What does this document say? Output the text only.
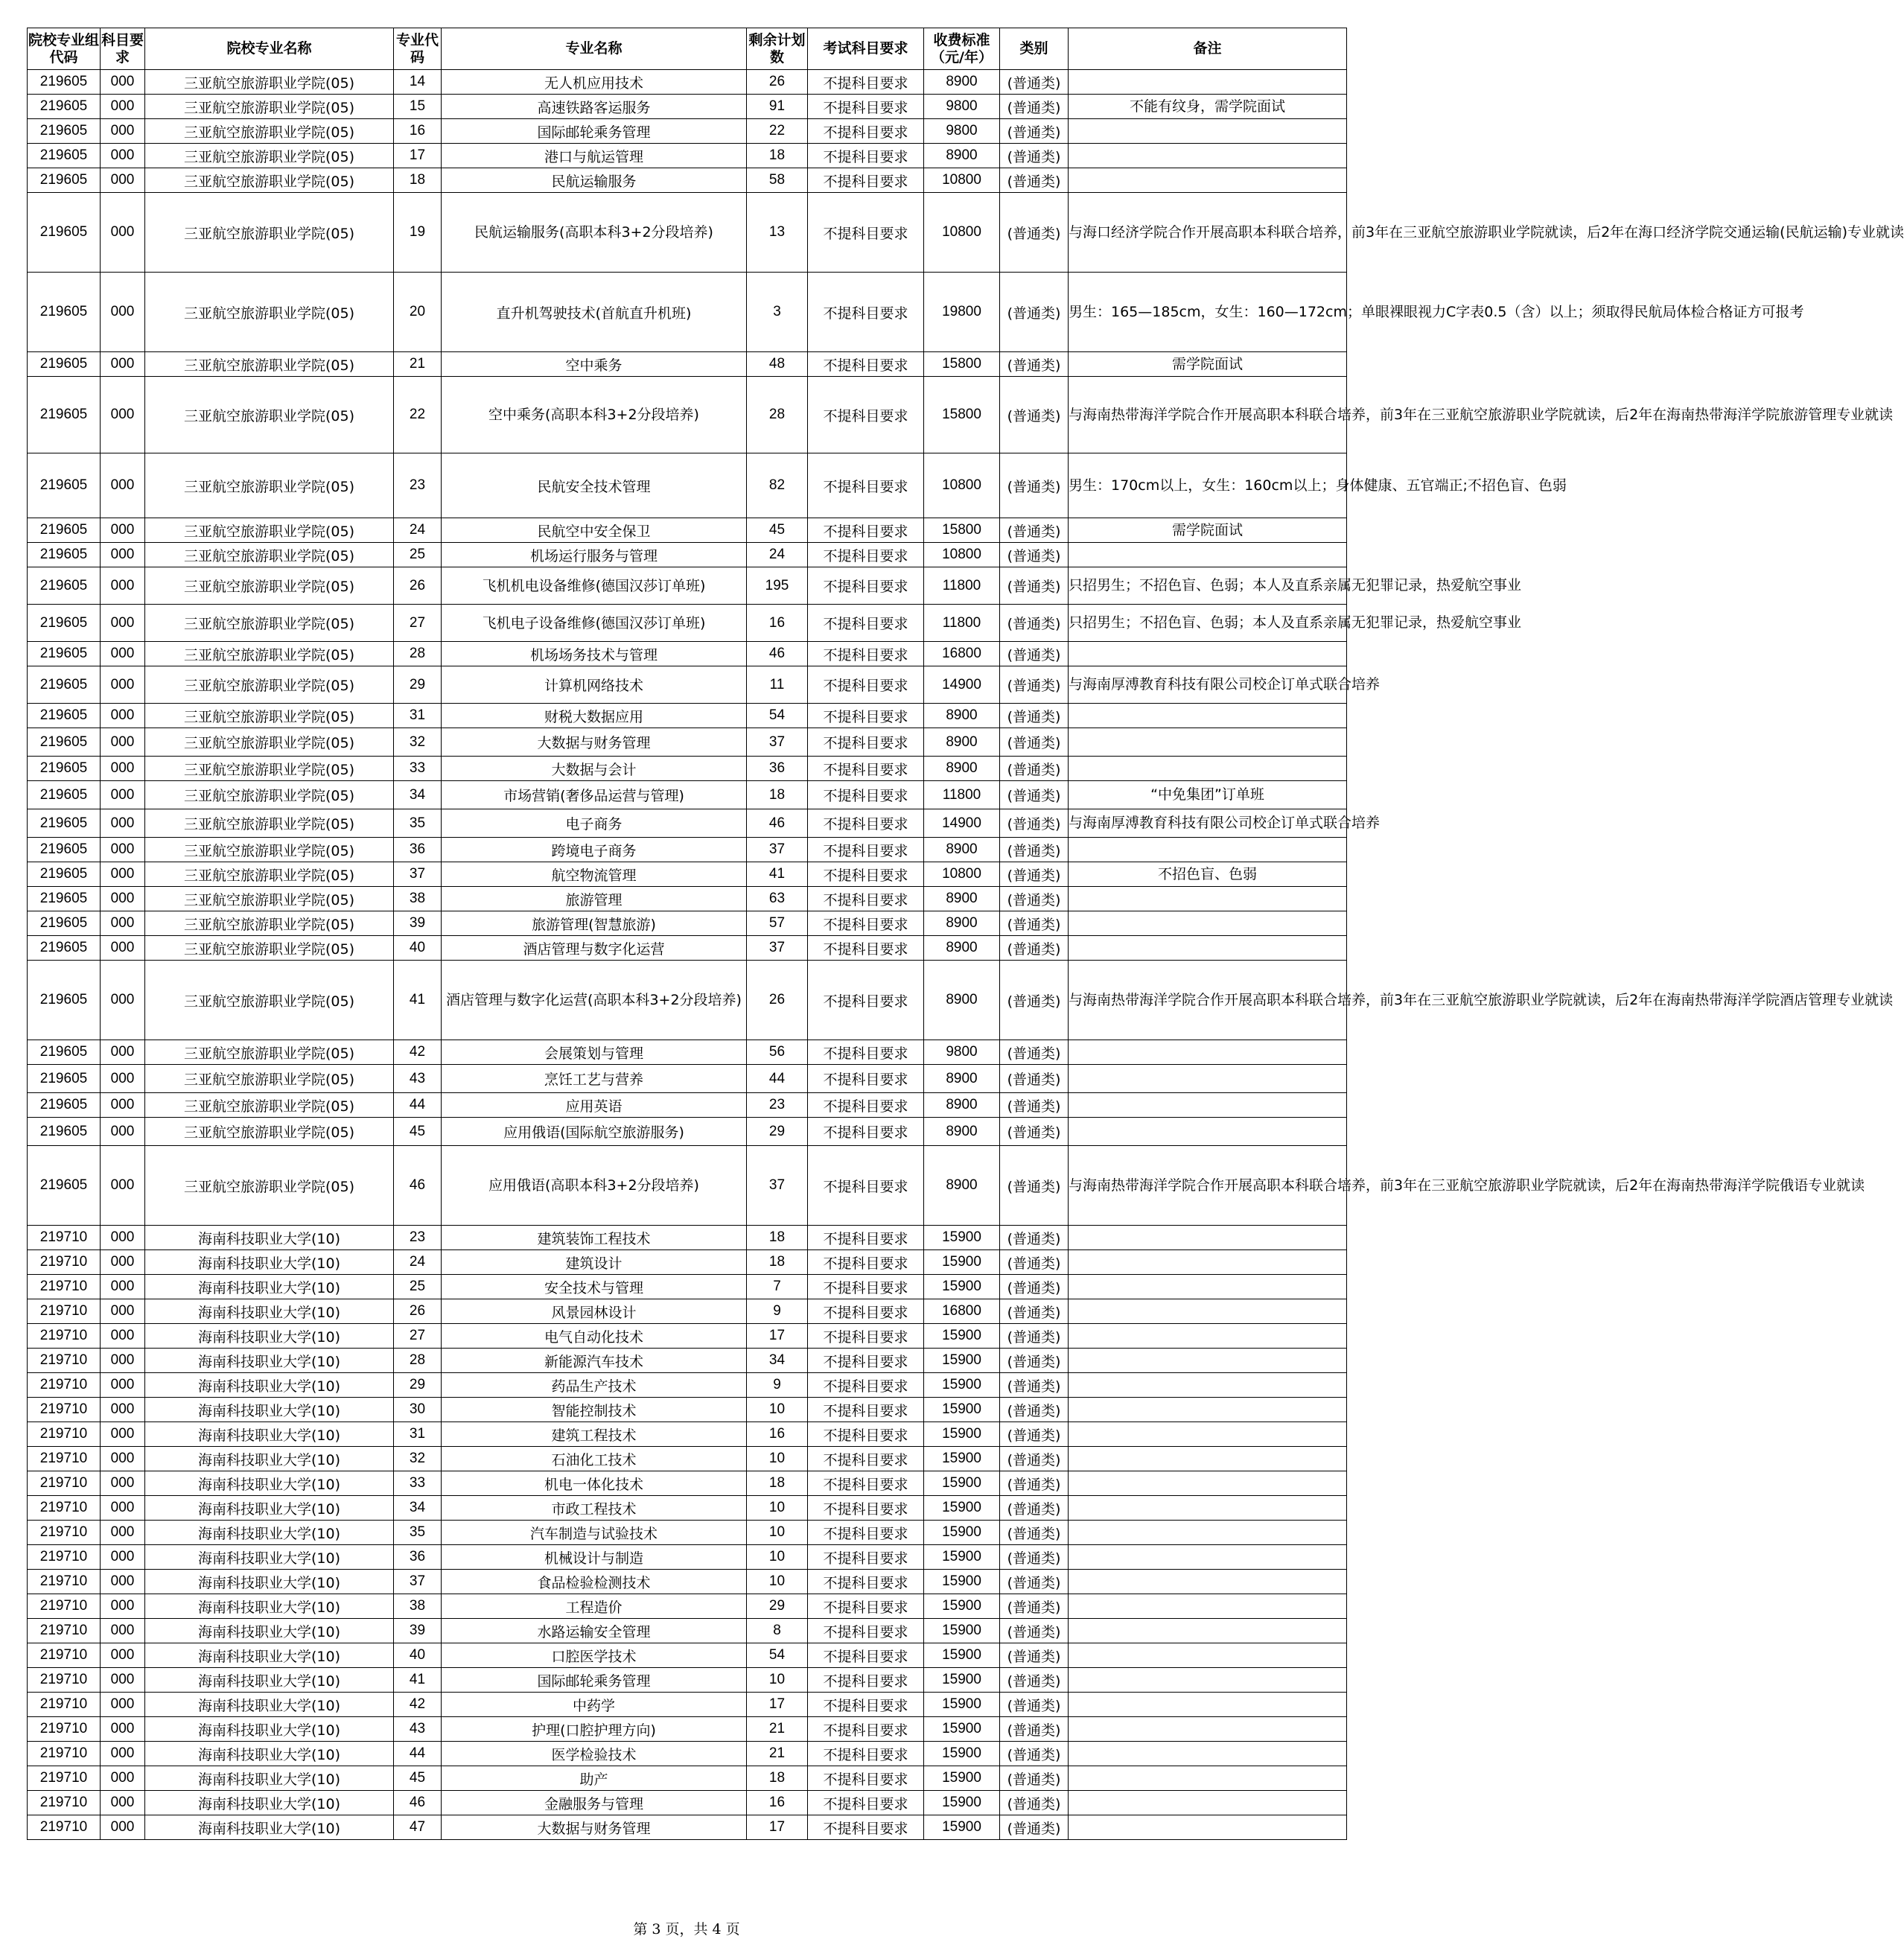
院校专业组代码	科目要求	院校专业名称	专业代码	专业名称	剩余计划数	考试科目要求	收费标准（元/年）	类别	备注
219605	000	三亚航空旅游职业学院(05)	14	无人机应用技术	26	不提科目要求	8900	(普通类)	

219605	000	三亚航空旅游职业学院(05)	15	高速铁路客运服务	91	不提科目要求	9800	(普通类)	不能有纹身，需学院面试

219605	000	三亚航空旅游职业学院(05)	16	国际邮轮乘务管理	22	不提科目要求	9800	(普通类)	

219605	000	三亚航空旅游职业学院(05)	17	港口与航运管理	18	不提科目要求	8900	(普通类)	

219605	000	三亚航空旅游职业学院(05)	18	民航运输服务	58	不提科目要求	10800	(普通类)	

219605	000	三亚航空旅游职业学院(05)	19	民航运输服务(高职本科3+2分段培养)	13	不提科目要求	10800	(普通类)	与海口经济学院合作开展高职本科联合培养，前3年在三亚航空旅游职业学院就读，后2年在海口经济学院交通运输(民航运输)专业就读

219605	000	三亚航空旅游职业学院(05)	20	直升机驾驶技术(首航直升机班)	3	不提科目要求	19800	(普通类)	男生：165—185cm，女生：160—172cm；单眼裸眼视力C字表0.5（含）以上；须取得民航局体检合格证方可报考

219605	000	三亚航空旅游职业学院(05)	21	空中乘务	48	不提科目要求	15800	(普通类)	需学院面试

219605	000	三亚航空旅游职业学院(05)	22	空中乘务(高职本科3+2分段培养)	28	不提科目要求	15800	(普通类)	与海南热带海洋学院合作开展高职本科联合培养，前3年在三亚航空旅游职业学院就读，后2年在海南热带海洋学院旅游管理专业就读

219605	000	三亚航空旅游职业学院(05)	23	民航安全技术管理	82	不提科目要求	10800	(普通类)	男生：170cm以上，女生：160cm以上；身体健康、五官端正;不招色盲、色弱

219605	000	三亚航空旅游职业学院(05)	24	民航空中安全保卫	45	不提科目要求	15800	(普通类)	需学院面试

219605	000	三亚航空旅游职业学院(05)	25	机场运行服务与管理	24	不提科目要求	10800	(普通类)	

219605	000	三亚航空旅游职业学院(05)	26	飞机机电设备维修(德国汉莎订单班)	195	不提科目要求	11800	(普通类)	只招男生；不招色盲、色弱；本人及直系亲属无犯罪记录，热爱航空事业

219605	000	三亚航空旅游职业学院(05)	27	飞机电子设备维修(德国汉莎订单班)	16	不提科目要求	11800	(普通类)	只招男生；不招色盲、色弱；本人及直系亲属无犯罪记录，热爱航空事业

219605	000	三亚航空旅游职业学院(05)	28	机场场务技术与管理	46	不提科目要求	16800	(普通类)	

219605	000	三亚航空旅游职业学院(05)	29	计算机网络技术	11	不提科目要求	14900	(普通类)	与海南厚溥教育科技有限公司校企订单式联合培养

219605	000	三亚航空旅游职业学院(05)	31	财税大数据应用	54	不提科目要求	8900	(普通类)	

219605	000	三亚航空旅游职业学院(05)	32	大数据与财务管理	37	不提科目要求	8900	(普通类)	

219605	000	三亚航空旅游职业学院(05)	33	大数据与会计	36	不提科目要求	8900	(普通类)	

219605	000	三亚航空旅游职业学院(05)	34	市场营销(奢侈品运营与管理)	18	不提科目要求	11800	(普通类)	“中免集团”订单班

219605	000	三亚航空旅游职业学院(05)	35	电子商务	46	不提科目要求	14900	(普通类)	与海南厚溥教育科技有限公司校企订单式联合培养

219605	000	三亚航空旅游职业学院(05)	36	跨境电子商务	37	不提科目要求	8900	(普通类)	

219605	000	三亚航空旅游职业学院(05)	37	航空物流管理	41	不提科目要求	10800	(普通类)	不招色盲、色弱

219605	000	三亚航空旅游职业学院(05)	38	旅游管理	63	不提科目要求	8900	(普通类)	

219605	000	三亚航空旅游职业学院(05)	39	旅游管理(智慧旅游)	57	不提科目要求	8900	(普通类)	

219605	000	三亚航空旅游职业学院(05)	40	酒店管理与数字化运营	37	不提科目要求	8900	(普通类)	

219605	000	三亚航空旅游职业学院(05)	41	酒店管理与数字化运营(高职本科3+2分段培养)	26	不提科目要求	8900	(普通类)	与海南热带海洋学院合作开展高职本科联合培养，前3年在三亚航空旅游职业学院就读，后2年在海南热带海洋学院酒店管理专业就读

219605	000	三亚航空旅游职业学院(05)	42	会展策划与管理	56	不提科目要求	9800	(普通类)	

219605	000	三亚航空旅游职业学院(05)	43	烹饪工艺与营养	44	不提科目要求	8900	(普通类)	

219605	000	三亚航空旅游职业学院(05)	44	应用英语	23	不提科目要求	8900	(普通类)	

219605	000	三亚航空旅游职业学院(05)	45	应用俄语(国际航空旅游服务)	29	不提科目要求	8900	(普通类)	

219605	000	三亚航空旅游职业学院(05)	46	应用俄语(高职本科3+2分段培养)	37	不提科目要求	8900	(普通类)	与海南热带海洋学院合作开展高职本科联合培养，前3年在三亚航空旅游职业学院就读，后2年在海南热带海洋学院俄语专业就读

219710	000	海南科技职业大学(10)	23	建筑装饰工程技术	18	不提科目要求	15900	(普通类)	

219710	000	海南科技职业大学(10)	24	建筑设计	18	不提科目要求	15900	(普通类)	

219710	000	海南科技职业大学(10)	25	安全技术与管理	7	不提科目要求	15900	(普通类)	

219710	000	海南科技职业大学(10)	26	风景园林设计	9	不提科目要求	16800	(普通类)	

219710	000	海南科技职业大学(10)	27	电气自动化技术	17	不提科目要求	15900	(普通类)	

219710	000	海南科技职业大学(10)	28	新能源汽车技术	34	不提科目要求	15900	(普通类)	

219710	000	海南科技职业大学(10)	29	药品生产技术	9	不提科目要求	15900	(普通类)	

219710	000	海南科技职业大学(10)	30	智能控制技术	10	不提科目要求	15900	(普通类)	

219710	000	海南科技职业大学(10)	31	建筑工程技术	16	不提科目要求	15900	(普通类)	

219710	000	海南科技职业大学(10)	32	石油化工技术	10	不提科目要求	15900	(普通类)	

219710	000	海南科技职业大学(10)	33	机电一体化技术	18	不提科目要求	15900	(普通类)	

219710	000	海南科技职业大学(10)	34	市政工程技术	10	不提科目要求	15900	(普通类)	

219710	000	海南科技职业大学(10)	35	汽车制造与试验技术	10	不提科目要求	15900	(普通类)	

219710	000	海南科技职业大学(10)	36	机械设计与制造	10	不提科目要求	15900	(普通类)	

219710	000	海南科技职业大学(10)	37	食品检验检测技术	10	不提科目要求	15900	(普通类)	

219710	000	海南科技职业大学(10)	38	工程造价	29	不提科目要求	15900	(普通类)	

219710	000	海南科技职业大学(10)	39	水路运输安全管理	8	不提科目要求	15900	(普通类)	

219710	000	海南科技职业大学(10)	40	口腔医学技术	54	不提科目要求	15900	(普通类)	

219710	000	海南科技职业大学(10)	41	国际邮轮乘务管理	10	不提科目要求	15900	(普通类)	

219710	000	海南科技职业大学(10)	42	中药学	17	不提科目要求	15900	(普通类)	

219710	000	海南科技职业大学(10)	43	护理(口腔护理方向)	21	不提科目要求	15900	(普通类)	

219710	000	海南科技职业大学(10)	44	医学检验技术	21	不提科目要求	15900	(普通类)	

219710	000	海南科技职业大学(10)	45	助产	18	不提科目要求	15900	(普通类)	

219710	000	海南科技职业大学(10)	46	金融服务与管理	16	不提科目要求	15900	(普通类)	

219710	000	海南科技职业大学(10)	47	大数据与财务管理	17	不提科目要求	15900	(普通类)	
第 3 页，共 4 页
